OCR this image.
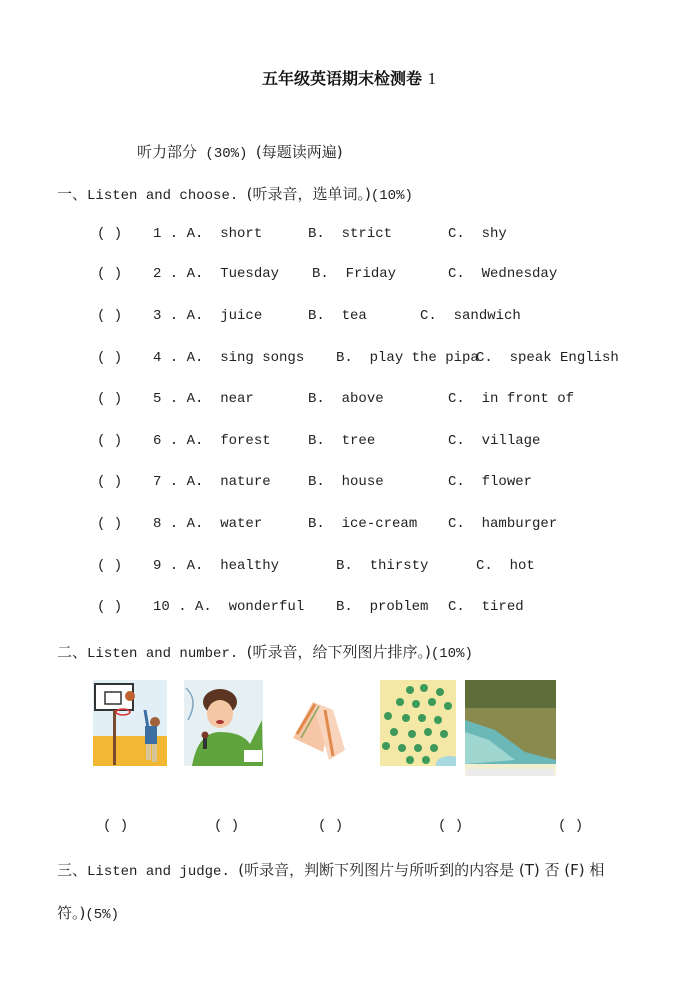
五年级英语期末检测卷 1
听力部分 (30%) (每题读两遍)
一、Listen and choose. (听录音，选单词。)(10%)
( ) 1 . A.  short	B.  strict	C.  shy
( ) 2 . A.  Tuesday B.  Friday	C.  Wednesday
( ) 3 . A.  juice	B.  tea	C.  sandwich
( ) 4 . A.  sing songs B.  play the pipa
C.  speak English
( ) 5 . A.  near	B.  above	C.  in front of
( ) 6 . A.  forest	B.  tree	C.  village
( ) 7 . A.  nature	B.  house	C.  flower
( ) 8 . A.  water	B.  ice-cream C.  hamburger
( ) 9 . A.  healthy	B.  thirsty	C.  hot
( ) 10 . A.  wonderful B.  problem C.  tired
二、Listen and number. (听录音，给下列图片排序。)(10%)
( )	( )	( )	( )	( )
三、Listen and judge. (听录音，判断下列图片与所听到的内容是 (T) 否 (F) 相
符。)(5%)
